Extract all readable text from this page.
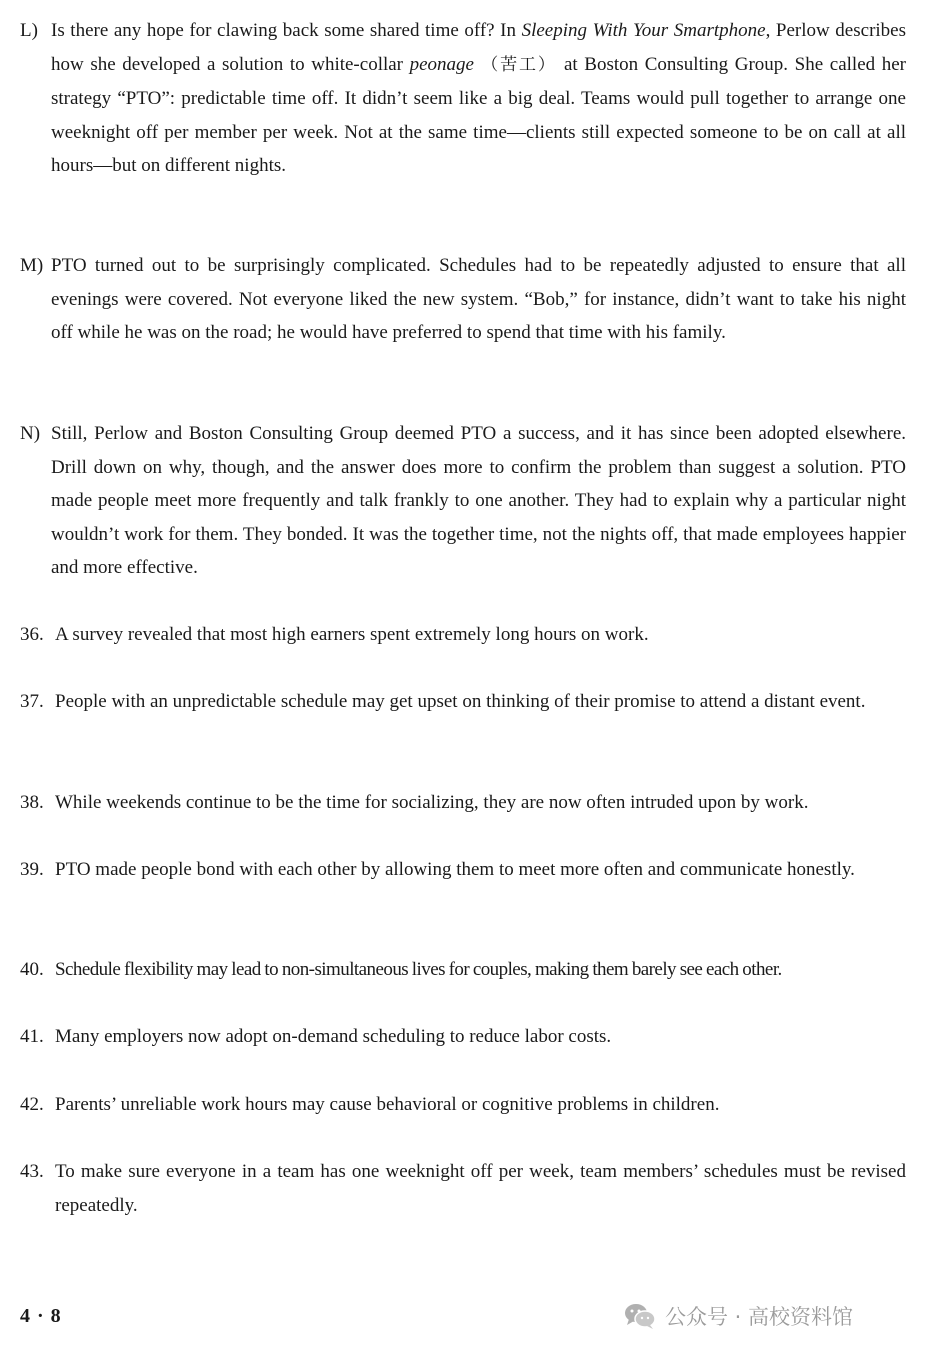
L) Is there any hope for clawing back some shared time off? In Sleeping With Your Smartphone, Perlow describes how she developed a solution to white-collar peonage （苦工） at Boston Consulting Group. She called her strategy “PTO”: predictable time off. It didn’t seem like a big deal. Teams would pull together to arrange one weeknight off per member per week. Not at the same time—clients still expected someone to be on call at all hours—but on different nights.
M) PTO turned out to be surprisingly complicated. Schedules had to be repeatedly adjusted to ensure that all evenings were covered. Not everyone liked the new system. “Bob,” for instance, didn’t want to take his night off while he was on the road; he would have preferred to spend that time with his family.
N) Still, Perlow and Boston Consulting Group deemed PTO a success, and it has since been adopted elsewhere. Drill down on why, though, and the answer does more to confirm the problem than suggest a solution. PTO made people meet more frequently and talk frankly to one another. They had to explain why a particular night wouldn’t work for them. They bonded. It was the together time, not the nights off, that made employees happier and more effective.
36. A survey revealed that most high earners spent extremely long hours on work.
37. People with an unpredictable schedule may get upset on thinking of their promise to attend a distant event.
38. While weekends continue to be the time for socializing, they are now often intruded upon by work.
39. PTO made people bond with each other by allowing them to meet more often and communicate honestly.
40. Schedule flexibility may lead to non-simultaneous lives for couples, making them barely see each other.
41. Many employers now adopt on-demand scheduling to reduce labor costs.
42. Parents’ unreliable work hours may cause behavioral or cognitive problems in children.
43. To make sure everyone in a team has one weeknight off per week, team members’ schedules must be revised repeatedly.
4 · 8	公众号 · 高校资料馆
